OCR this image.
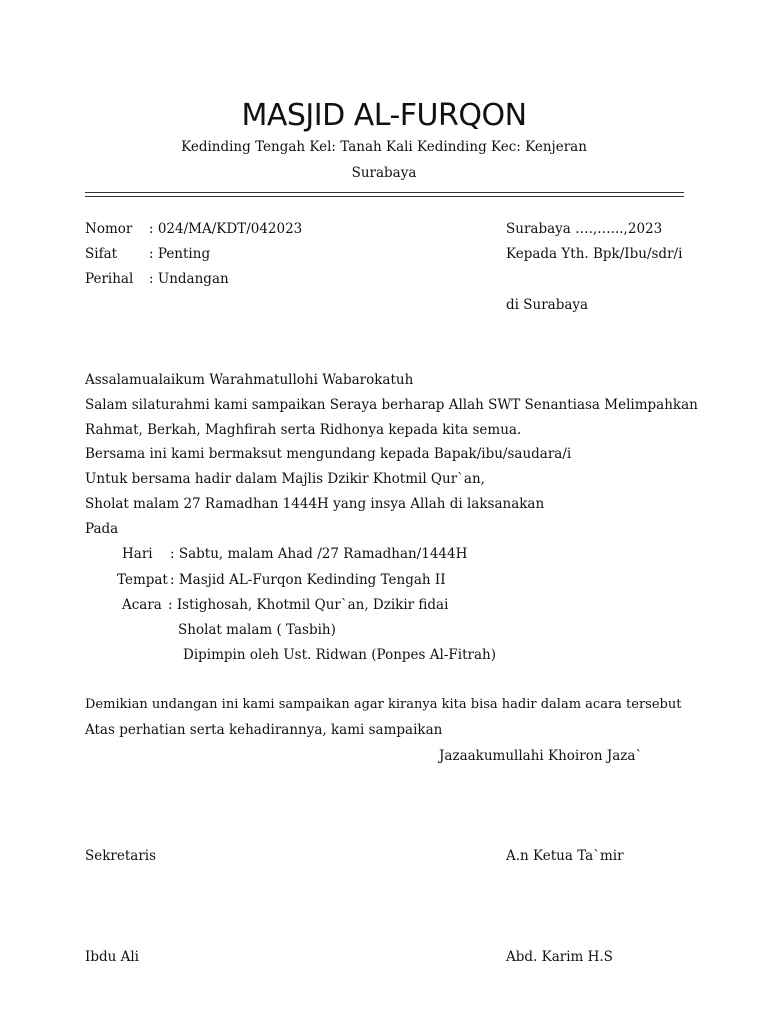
MASJID AL-FURQON
Kedinding Tengah Kel: Tanah Kali Kedinding Kec: Kenjeran
Surabaya
Nomor : 024/MA/KDT/042023
Sifat : Penting
Perihal : Undangan
Surabaya ….,…...,2023
Kepada Yth. Bpk/Ibu/sdr/i
di Surabaya
Assalamualaikum Warahmatullohi Wabarokatuh
Salam silaturahmi kami sampaikan Seraya berharap Allah SWT Senantiasa Melimpahkan
Rahmat, Berkah, Maghfirah serta Ridhonya kepada kita semua.
Bersama ini kami bermaksut mengundang kepada Bapak/ibu/saudara/i
Untuk bersama hadir dalam Majlis Dzikir Khotmil Qur`an,
Sholat malam 27 Ramadhan 1444H yang insya Allah di laksanakan
Pada
Hari : Sabtu, malam Ahad /27 Ramadhan/1444H
Tempat : Masjid AL-Furqon Kedinding Tengah II
Acara : Istighosah, Khotmil Qur`an, Dzikir fidai
Sholat malam ( Tasbih)
Dipimpin oleh Ust. Ridwan (Ponpes Al-Fitrah)
Demikian undangan ini kami sampaikan agar kiranya kita bisa hadir dalam acara tersebut
Atas perhatian serta kehadirannya, kami sampaikan
Jazaakumullahi Khoiron Jaza`
Sekretaris	A.n Ketua Ta`mir
Ibdu Ali	Abd. Karim H.S
